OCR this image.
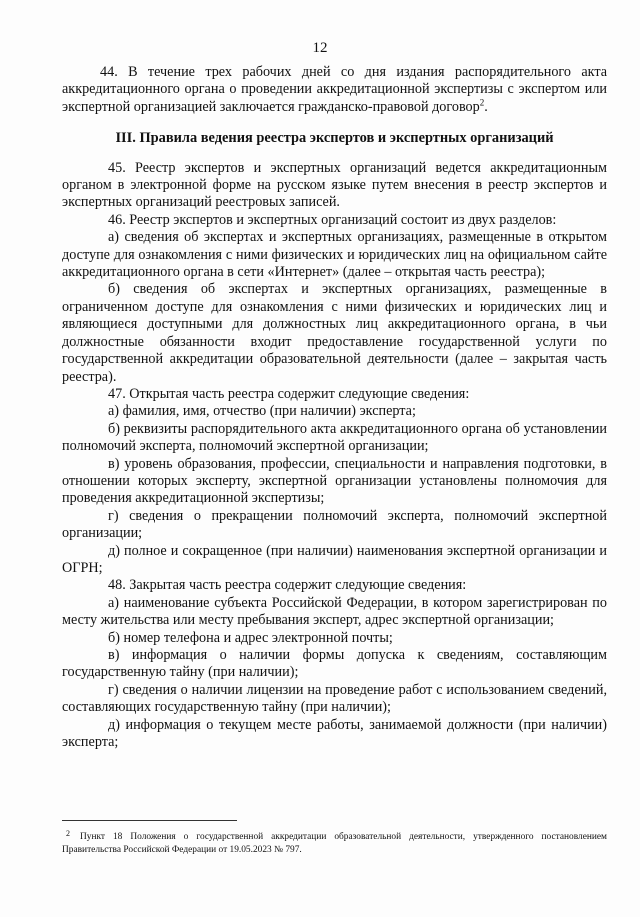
12

44. В течение трех рабочих дней со дня издания распорядительного акта аккредитационного органа о проведении аккредитационной экспертизы с экспертом или экспертной организацией заключается гражданско-правовой договор$^2$.

III. Правила ведения реестра экспертов и экспертных организаций

45. Реестр экспертов и экспертных организаций ведется аккредитационным органом в электронной форме на русском языке путем внесения в реестр экспертов и экспертных организаций реестровых записей.

46. Реестр экспертов и экспертных организаций состоит из двух разделов:

а) сведения об экспертах и экспертных организациях, размещенные в открытом доступе для ознакомления с ними физических и юридических лиц на официальном сайте аккредитационного органа в сети «Интернет» (далее – открытая часть реестра);

б) сведения об экспертах и экспертных организациях, размещенные в ограниченном доступе для ознакомления с ними физических и юридических лиц и являющиеся доступными для должностных лиц аккредитационного органа, в чьи должностные обязанности входит предоставление государственной услуги по государственной аккредитации образовательной деятельности (далее – закрытая часть реестра).

47. Открытая часть реестра содержит следующие сведения:

а) фамилия, имя, отчество (при наличии) эксперта;

б) реквизиты распорядительного акта аккредитационного органа об установлении полномочий эксперта, полномочий экспертной организации;

в) уровень образования, профессии, специальности и направления подготовки, в отношении которых эксперту, экспертной организации установлены полномочия для проведения аккредитационной экспертизы;

г) сведения о прекращении полномочий эксперта, полномочий экспертной организации;

д) полное и сокращенное (при наличии) наименования экспертной организации и ОГРН;

48. Закрытая часть реестра содержит следующие сведения:

а) наименование субъекта Российской Федерации, в котором зарегистрирован по месту жительства или месту пребывания эксперт, адрес экспертной организации;

б) номер телефона и адрес электронной почты;

в) информация о наличии формы допуска к сведениям, составляющим государственную тайну (при наличии);

г) сведения о наличии лицензии на проведение работ с использованием сведений, составляющих государственную тайну (при наличии);

д) информация о текущем месте работы, занимаемой должности (при наличии) эксперта;

2 Пункт 18 Положения о государственной аккредитации образовательной деятельности, утвержденного постановлением Правительства Российской Федерации от 19.05.2023 № 797.
